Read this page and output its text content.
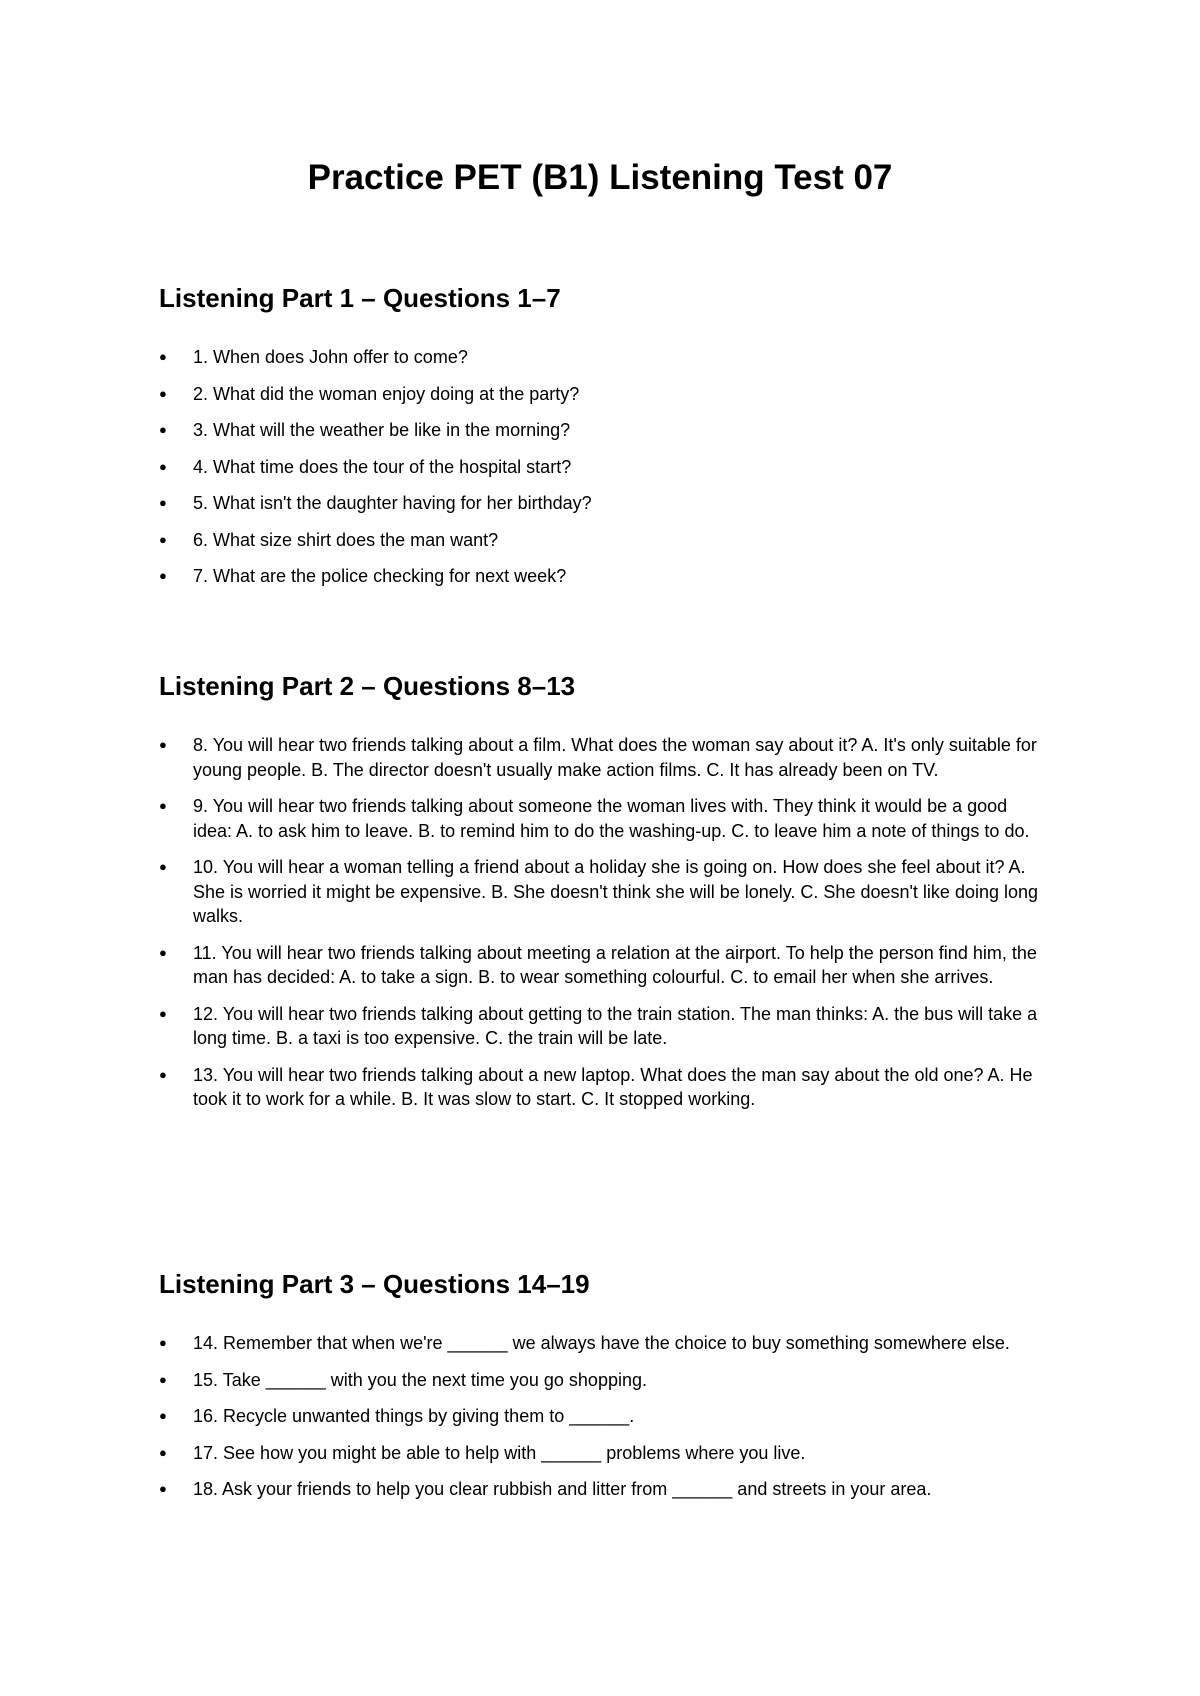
Practice PET (B1) Listening Test 07
Listening Part 1 – Questions 1–7
●	1. When does John offer to come?
●	2. What did the woman enjoy doing at the party?
●	3. What will the weather be like in the morning?
●	4. What time does the tour of the hospital start?
●	5. What isn't the daughter having for her birthday?
●	6. What size shirt does the man want?
●	7. What are the police checking for next week?
Listening Part 2 – Questions 8–13
●	8. You will hear two friends talking about a film. What does the woman say about it? A. It's only suitable for young people. B. The director doesn't usually make action films. C. It has already been on TV.
●	9. You will hear two friends talking about someone the woman lives with. They think it would be a good idea: A. to ask him to leave. B. to remind him to do the washing-up. C. to leave him a note of things to do.
●	10. You will hear a woman telling a friend about a holiday she is going on. How does she feel about it? A. She is worried it might be expensive. B. She doesn't think she will be lonely. C. She doesn't like doing long walks.
●	11. You will hear two friends talking about meeting a relation at the airport. To help the person find him, the man has decided: A. to take a sign. B. to wear something colourful. C. to email her when she arrives.
●	12. You will hear two friends talking about getting to the train station. The man thinks: A. the bus will take a long time. B. a taxi is too expensive. C. the train will be late.
●	13. You will hear two friends talking about a new laptop. What does the man say about the old one? A. He took it to work for a while. B. It was slow to start. C. It stopped working.
Listening Part 3 – Questions 14–19
●	14. Remember that when we're ______ we always have the choice to buy something somewhere else.
●	15. Take ______ with you the next time you go shopping.
●	16. Recycle unwanted things by giving them to ______.
●	17. See how you might be able to help with ______ problems where you live.
●	18. Ask your friends to help you clear rubbish and litter from ______ and streets in your area.
